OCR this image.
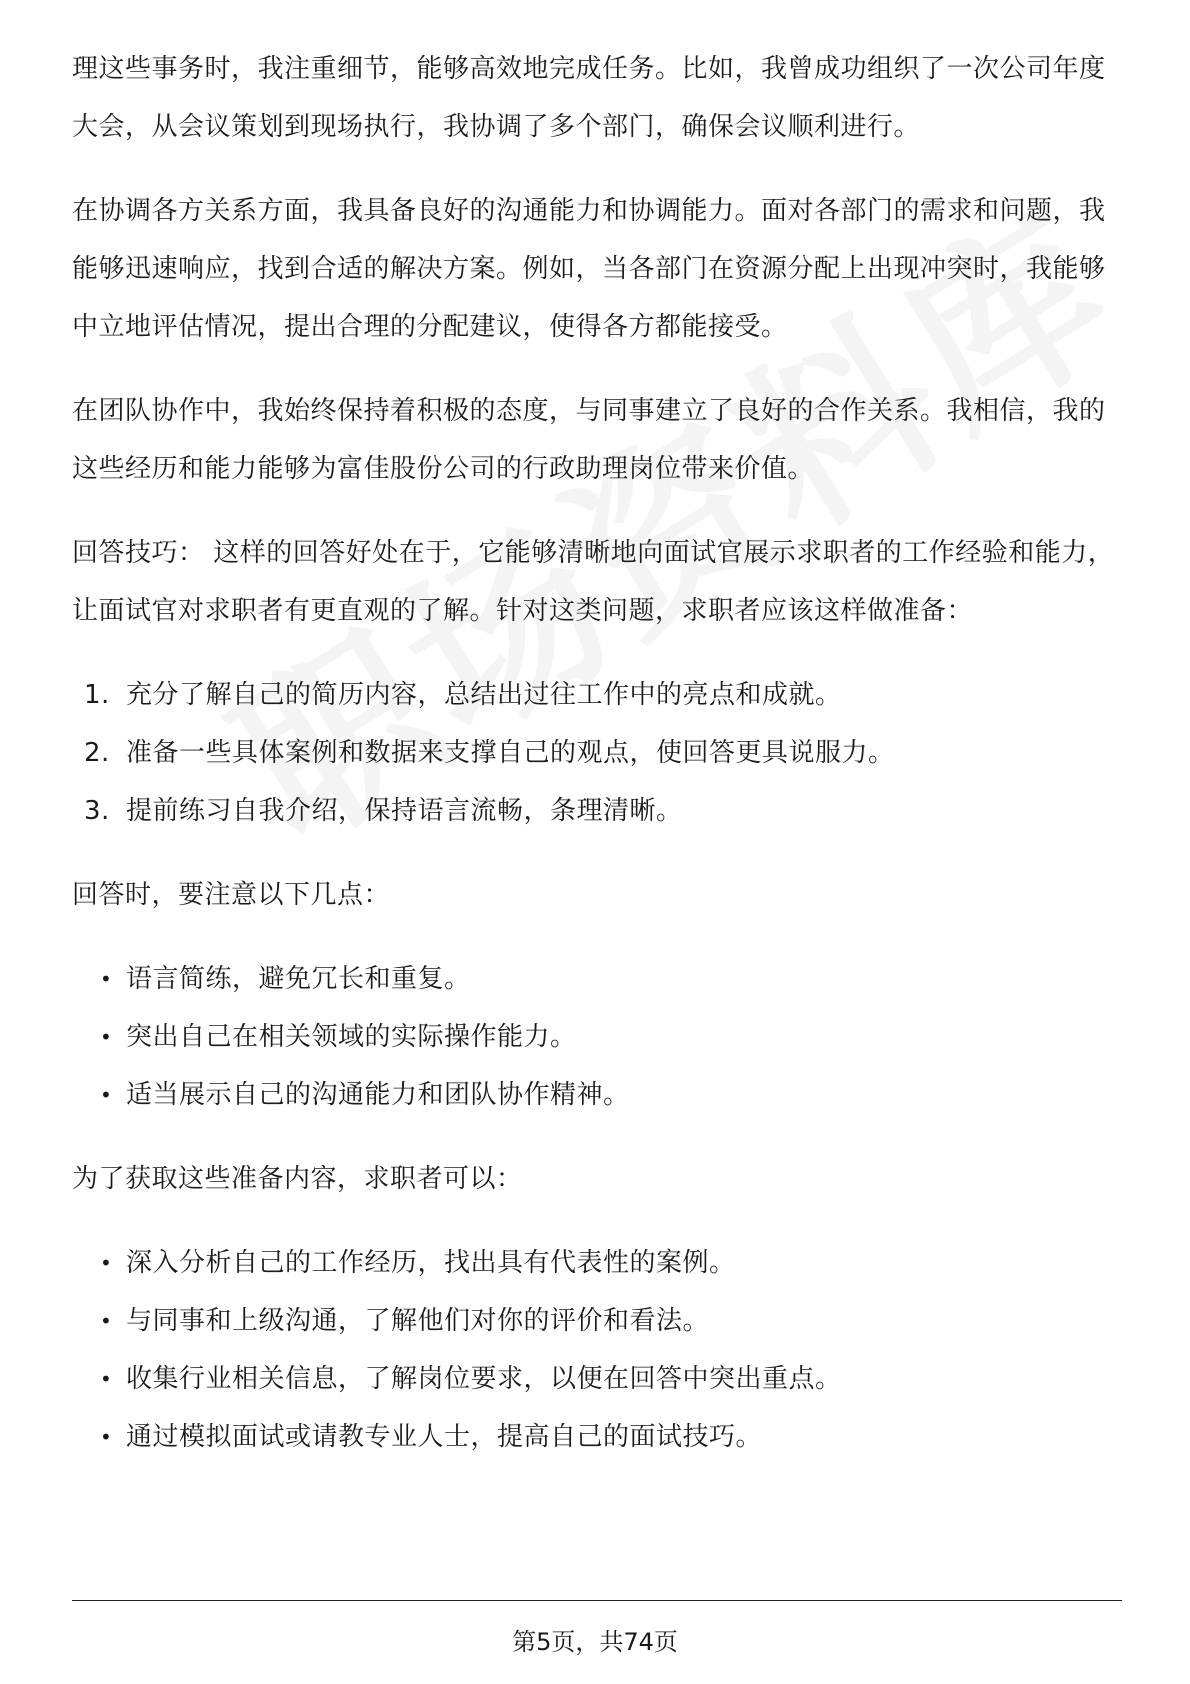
理这些事务时，我注重细节，能够高效地完成任务。比如，我曾成功组织了一次公司年度大会，从会议策划到现场执行，我协调了多个部门，确保会议顺利进行。

在协调各方关系方面，我具备良好的沟通能力和协调能力。面对各部门的需求和问题，我能够迅速响应，找到合适的解决方案。例如，当各部门在资源分配上出现冲突时，我能够中立地评估情况，提出合理的分配建议，使得各方都能接受。

在团队协作中，我始终保持着积极的态度，与同事建立了良好的合作关系。我相信，我的这些经历和能力能够为富佳股份公司的行政助理岗位带来价值。

回答技巧： 这样的回答好处在于，它能够清晰地向面试官展示求职者的工作经验和能力，让面试官对求职者有更直观的了解。针对这类问题，求职者应该这样做准备：

1. 充分了解自己的简历内容，总结出过往工作中的亮点和成就。
2. 准备一些具体案例和数据来支撑自己的观点，使回答更具说服力。
3. 提前练习自我介绍，保持语言流畅，条理清晰。

回答时，要注意以下几点：

• 语言简练，避免冗长和重复。
• 突出自己在相关领域的实际操作能力。
• 适当展示自己的沟通能力和团队协作精神。

为了获取这些准备内容，求职者可以：

• 深入分析自己的工作经历，找出具有代表性的案例。
• 与同事和上级沟通，了解他们对你的评价和看法。
• 收集行业相关信息，了解岗位要求，以便在回答中突出重点。
• 通过模拟面试或请教专业人士，提高自己的面试技巧。
第5页，共74页
